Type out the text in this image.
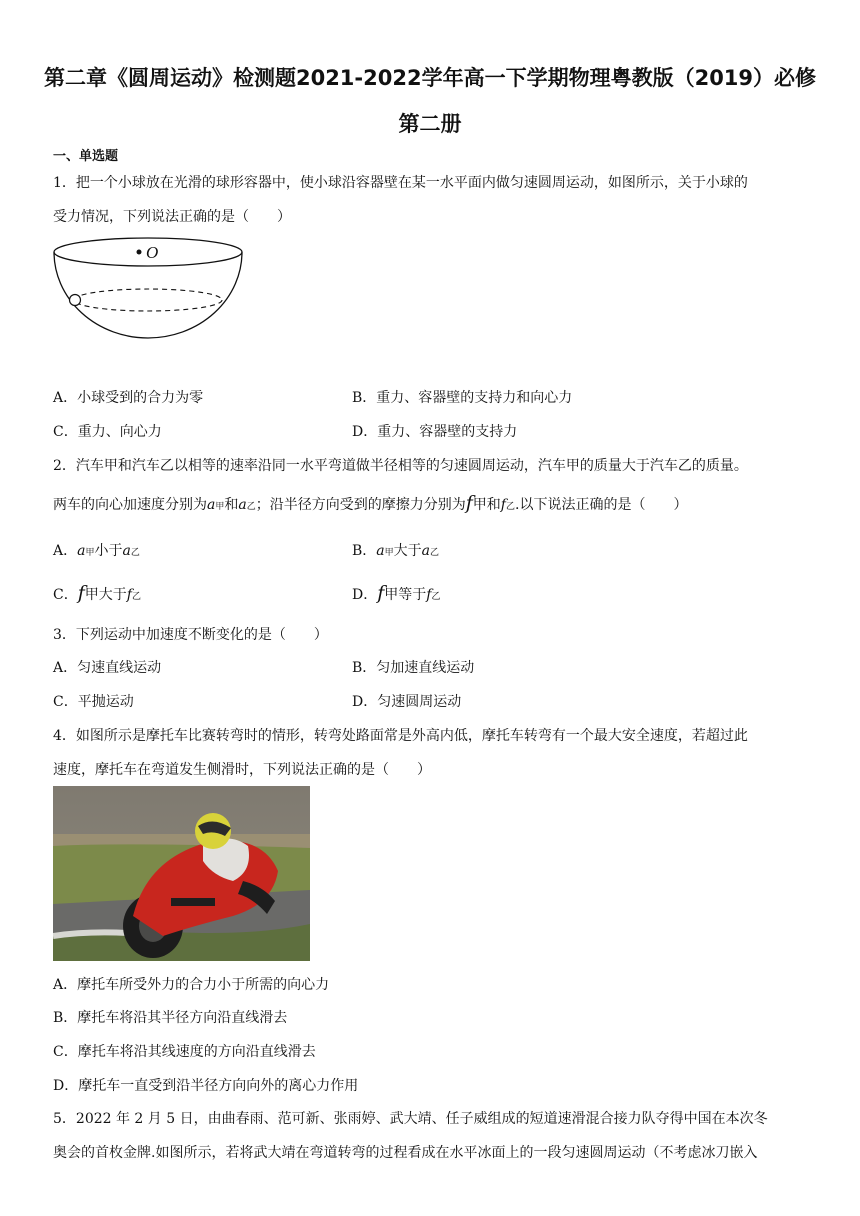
第二章《圆周运动》检测题2021-2022学年高一下学期物理粤教版（2019）必修
第二册
一、单选题
1．把一个小球放在光滑的球形容器中，使小球沿容器壁在某一水平面内做匀速圆周运动，如图所示，关于小球的
受力情况，下列说法正确的是（　　）
O
A．小球受到的合力为零	B．重力、容器壁的支持力和向心力
C．重力、向心力	D．重力、容器壁的支持力
2．汽车甲和汽车乙以相等的速率沿同一水平弯道做半径相等的匀速圆周运动，汽车甲的质量大于汽车乙的质量。
两车的向心加速度分别为a甲和a乙；沿半径方向受到的摩擦力分别为f甲和f乙.以下说法正确的是（　　）
A．a甲小于a乙	B．a甲大于a乙
C．f甲大于f乙	D．f甲等于f乙
3．下列运动中加速度不断变化的是（　　）
A．匀速直线运动	B．匀加速直线运动
C．平抛运动	D．匀速圆周运动
4．如图所示是摩托车比赛转弯时的情形，转弯处路面常是外高内低，摩托车转弯有一个最大安全速度，若超过此
速度，摩托车在弯道发生侧滑时，下列说法正确的是（　　）
A．摩托车所受外力的合力小于所需的向心力
B．摩托车将沿其半径方向沿直线滑去
C．摩托车将沿其线速度的方向沿直线滑去
D．摩托车一直受到沿半径方向向外的离心力作用
5．2022 年 2 月 5 日，由曲春雨、范可新、张雨婷、武大靖、任子威组成的短道速滑混合接力队夺得中国在本次冬
奥会的首枚金牌.如图所示，若将武大靖在弯道转弯的过程看成在水平冰面上的一段匀速圆周运动（不考虑冰刀嵌入
